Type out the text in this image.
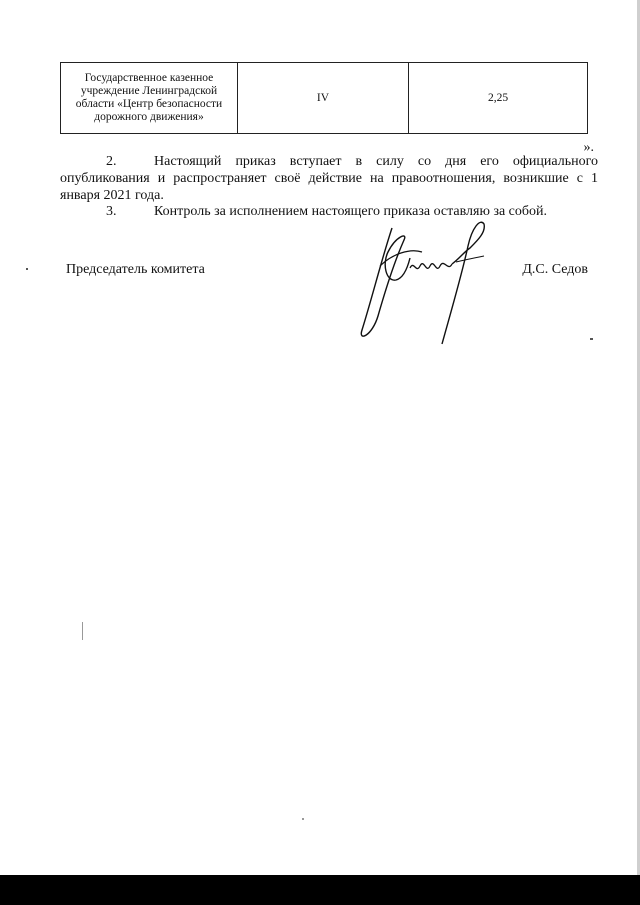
Государственное казенное учреждение Ленинградской области «Центр безопасности дорожного движения»	IV	2,25
».

2.	Настоящий приказ вступает в силу со дня его официального опубликования и распространяет своё действие на правоотношения, возникшие с 1 января 2021 года.

3.	Контроль за исполнением настоящего приказа оставляю за собой.

Председатель комитета	Д.С. Седов
